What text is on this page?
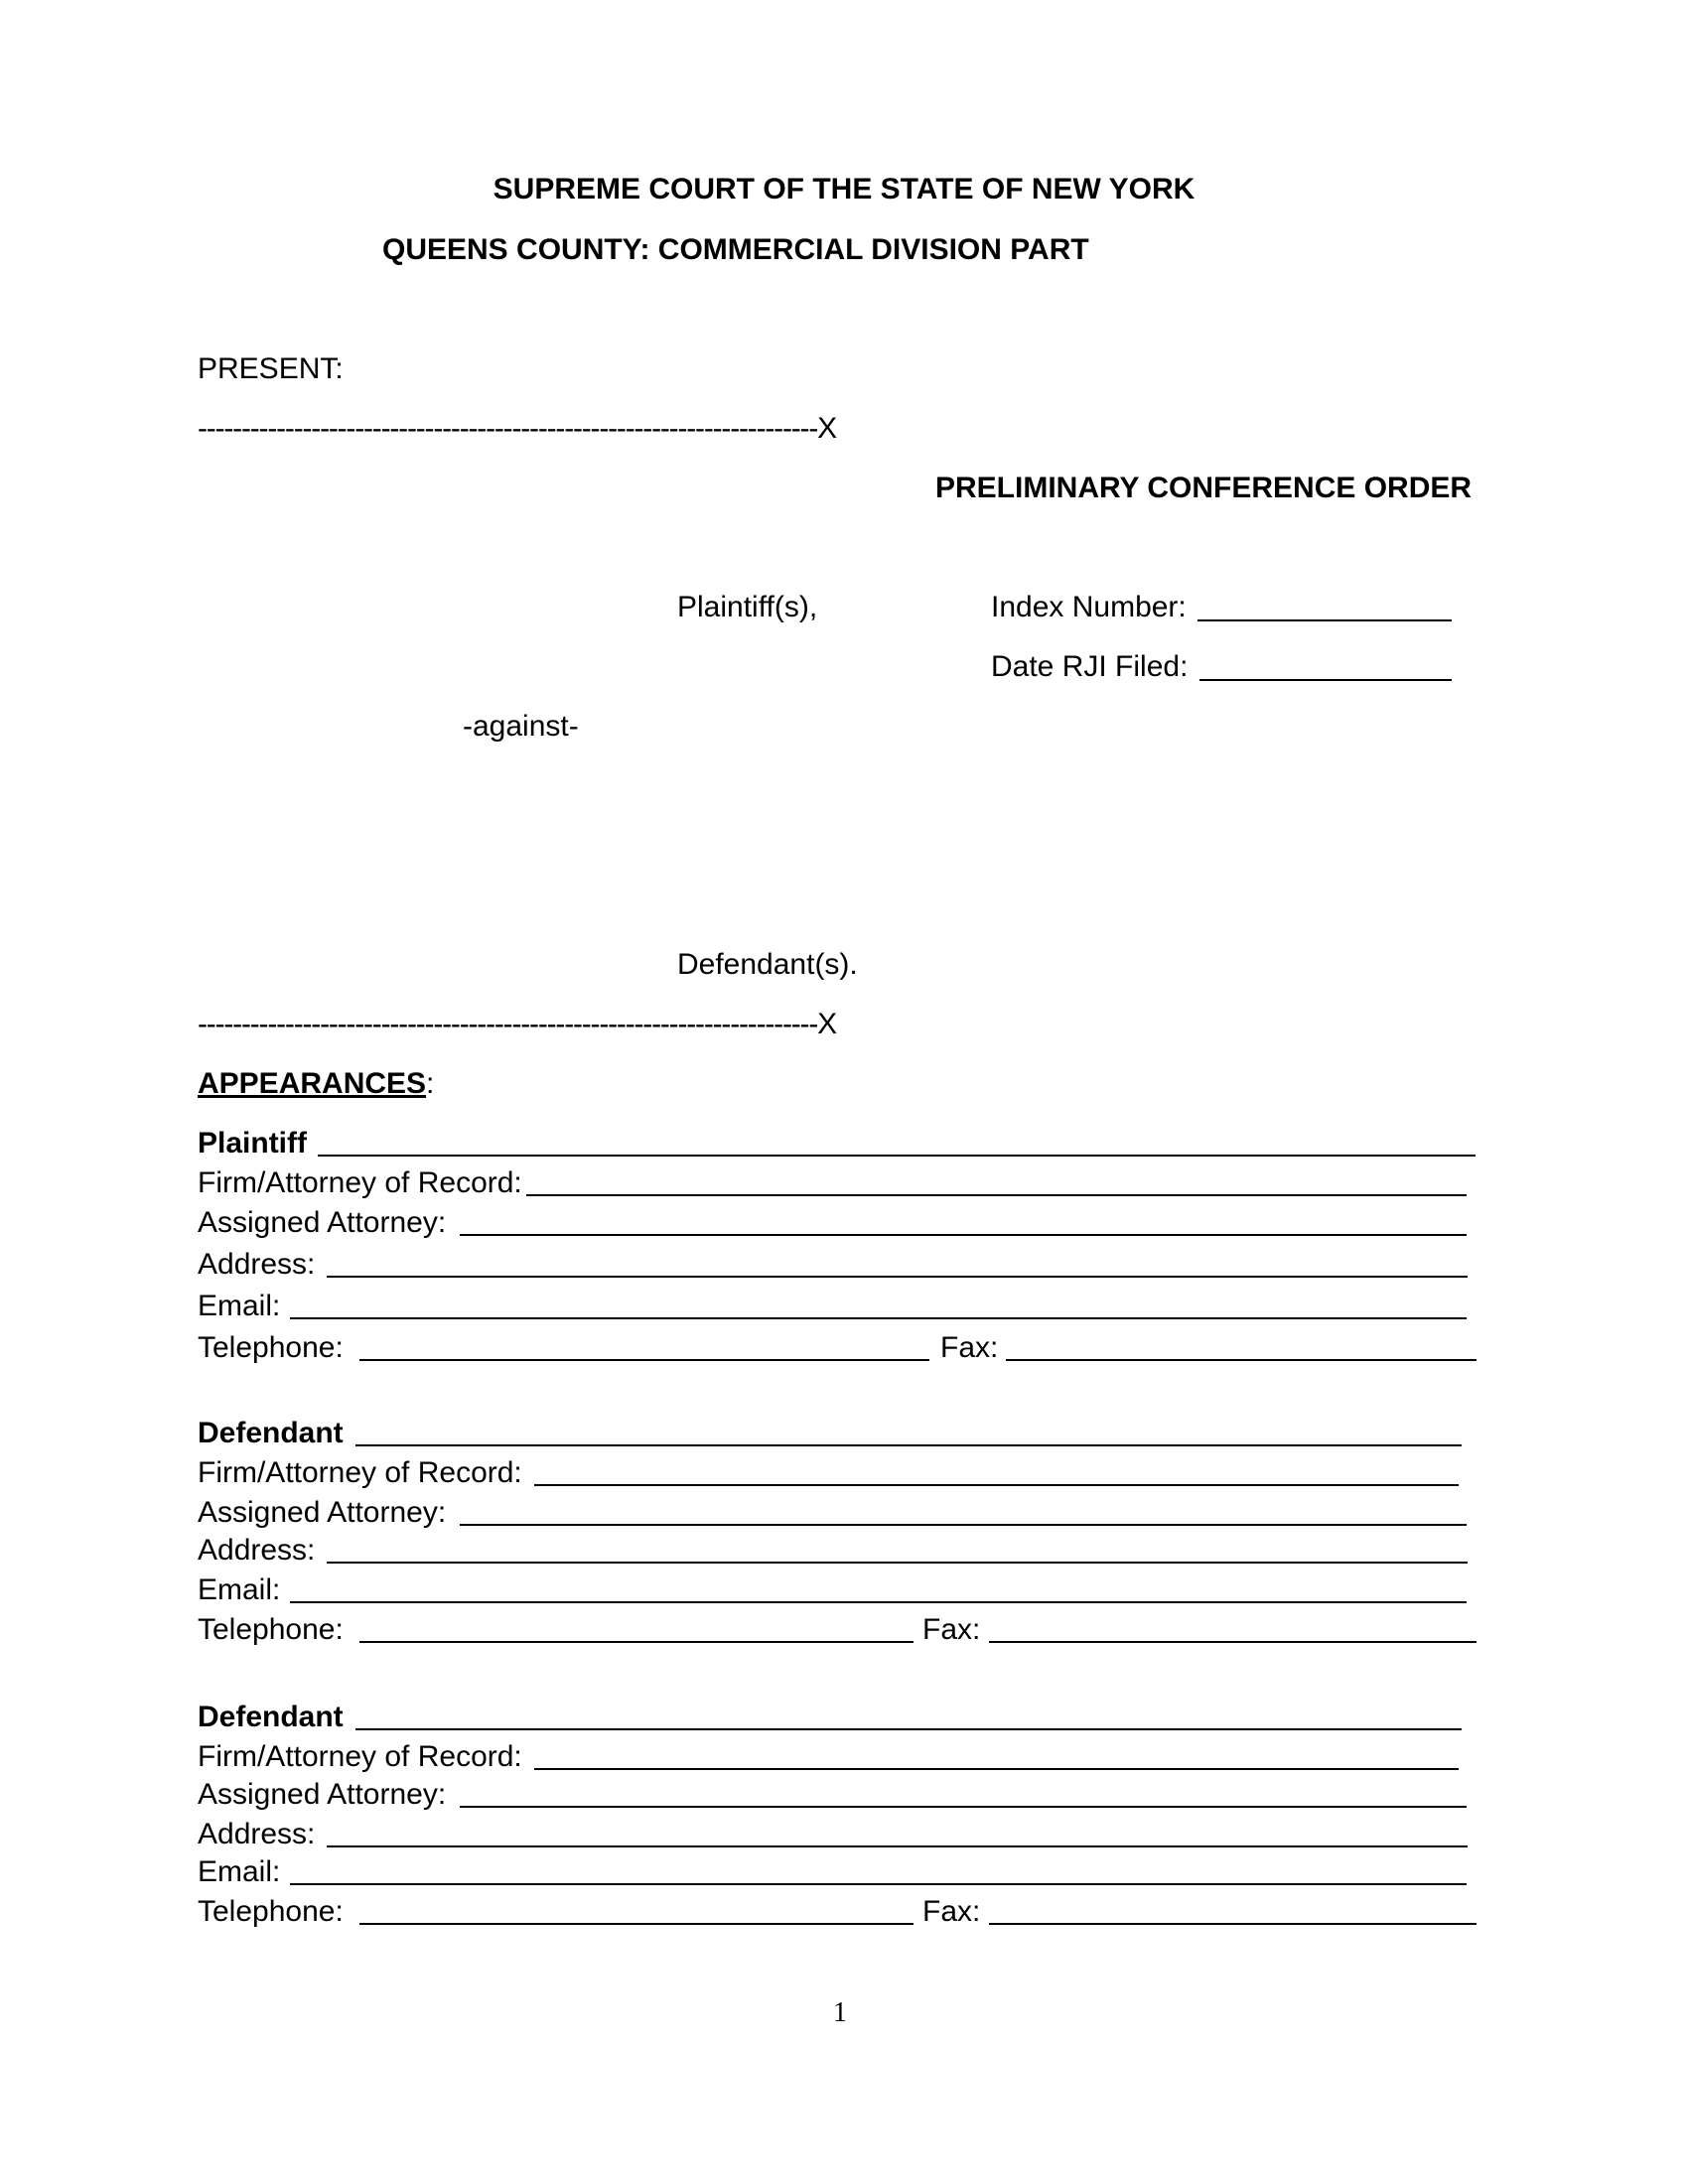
SUPREME COURT OF THE STATE OF NEW YORK
QUEENS COUNTY: COMMERCIAL DIVISION PART
PRESENT:
-----------------------------------------------------------------------X
PRELIMINARY CONFERENCE ORDER
Plaintiff(s),	Index Number:
Date RJI Filed:
-against-
Defendant(s).
-----------------------------------------------------------------------X
APPEARANCES:
Plaintiff
Firm/Attorney of Record:
Assigned Attorney:
Address:
Email:
Telephone:	Fax:
Defendant
Firm/Attorney of Record:
Assigned Attorney:
Address:
Email:
Telephone:	Fax:
Defendant
Firm/Attorney of Record:
Assigned Attorney:
Address:
Email:
Telephone:	Fax:
1
